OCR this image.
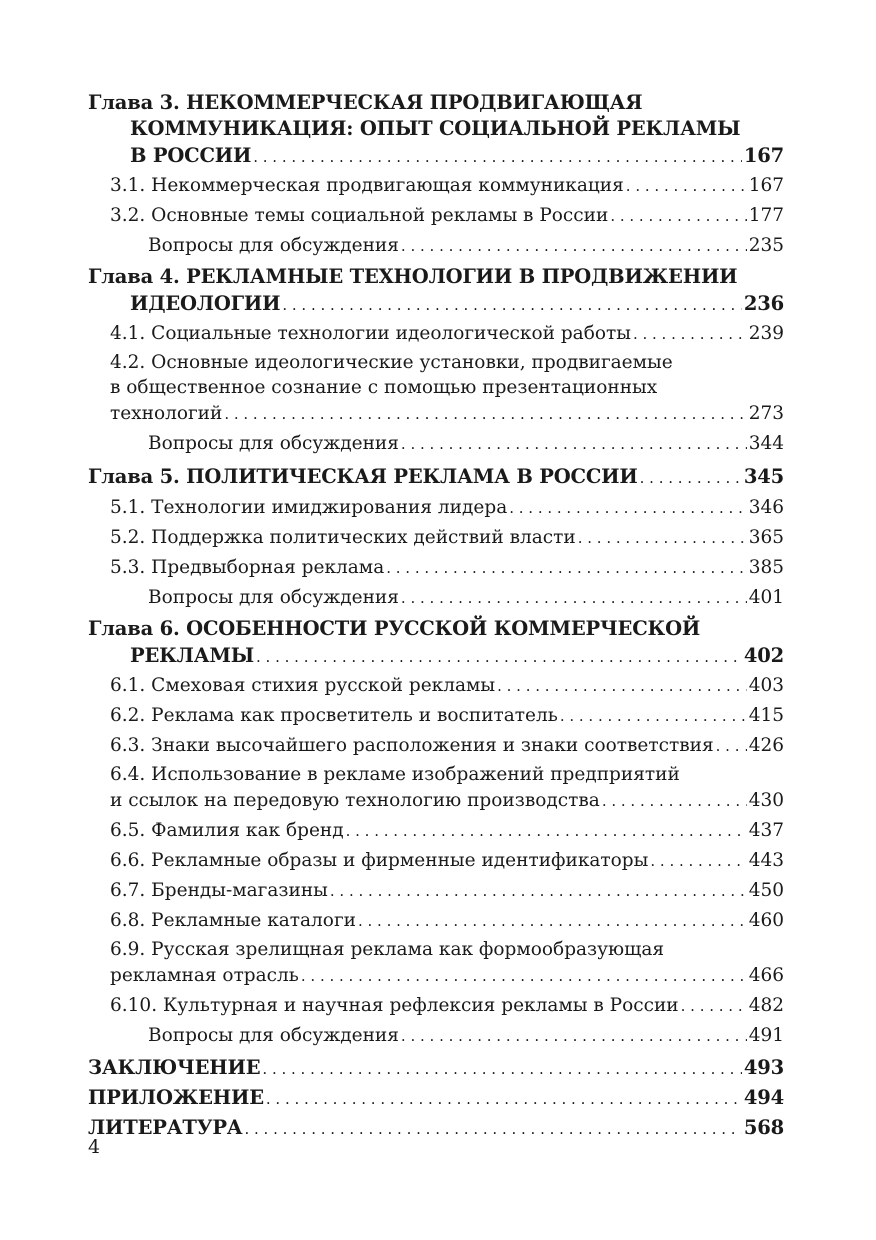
Глава 3. НЕКОММЕРЧЕСКАЯ ПРОДВИГАЮЩАЯ
КОММУНИКАЦИЯ: ОПЫТ СОЦИАЛЬНОЙ РЕКЛАМЫ
В РОССИИ . . .	167
3.1. Некоммерческая продвигающая коммуникация . . .	167
3.2. Основные темы социальной рекламы в России . . .	177
Вопросы для обсуждения . . .	235
Глава 4. РЕКЛАМНЫЕ ТЕХНОЛОГИИ В ПРОДВИЖЕНИИ
ИДЕОЛОГИИ . . .	236
4.1. Социальные технологии идеологической работы . . .	239
4.2. Основные идеологические установки, продвигаемые
в общественное сознание с помощью презентационных
технологий . . .	273
Вопросы для обсуждения . . .	344
Глава 5. ПОЛИТИЧЕСКАЯ РЕКЛАМА В РОССИИ . . .	345
5.1. Технологии имиджирования лидера . . .	346
5.2. Поддержка политических действий власти . . .	365
5.3. Предвыборная реклама . . .	385
Вопросы для обсуждения . . .	401
Глава 6. ОСОБЕННОСТИ РУССКОЙ КОММЕРЧЕСКОЙ
РЕКЛАМЫ . . .	402
6.1. Смеховая стихия русской рекламы . . .	403
6.2. Реклама как просветитель и воспитатель . . .	415
6.3. Знаки высочайшего расположения и знаки соответствия . . . 426
6.4. Использование в рекламе изображений предприятий
и ссылок на передовую технологию производства . . .	430
6.5. Фамилия как бренд . . .	437
6.6. Рекламные образы и фирменные идентификаторы . . .	443
6.7. Бренды-магазины . . .	450
6.8. Рекламные каталоги . . .	460
6.9. Русская зрелищная реклама как формообразующая
рекламная отрасль . . .	466
6.10. Культурная и научная рефлексия рекламы в России . . .	482
Вопросы для обсуждения . . .	491
ЗАКЛЮЧЕНИЕ . . .	493
ПРИЛОЖЕНИЕ . . .	494
ЛИТЕРАТУРА . . .	568
4
